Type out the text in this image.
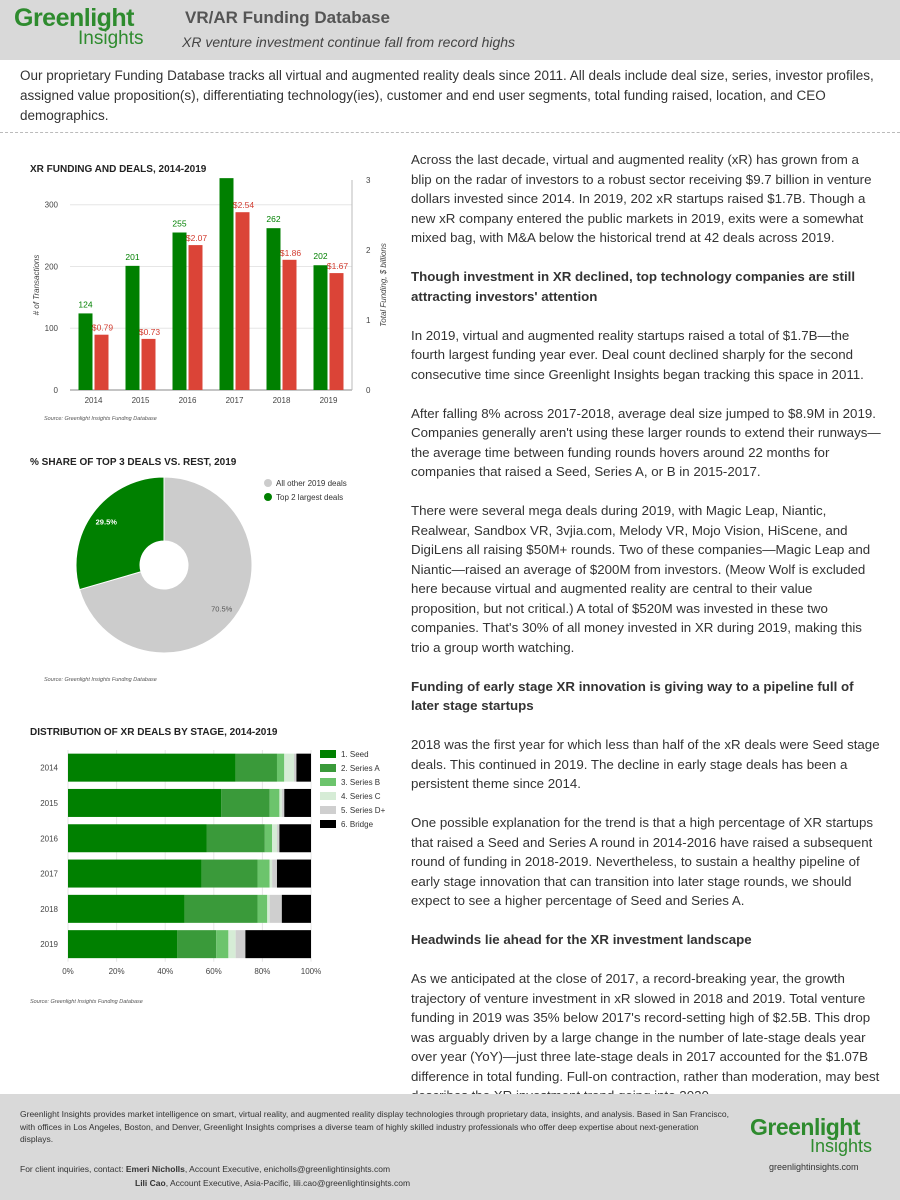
Greenlight
Insights
VR/AR Funding Database
XR venture investment continue fall from record highs
Our proprietary Funding Database tracks all virtual and augmented reality deals since 2011. All deals include deal size, series, investor profiles, assigned value proposition(s), differentiating technology(ies), customer and end user segments, total funding raised, location, and CEO demographics.
XR FUNDING AND DEALS, 2014-2019
0
100
200
300
0
1
2
3
124
$0.79
2014
201
$0.73
2015
255
$2.07
2016
$2.54
2017
262
$1.86
2018
202
$1.67
2019
# of Transactions	Total Funding, $ billions
Source: Greenlight Insights Funding Database
% SHARE OF TOP 3 DEALS VS. REST, 2019
70.5%
29.5%
All other 2019 deals
Top 2 largest deals
Source: Greenlight Insights Funding Database
DISTRIBUTION OF XR DEALS BY STAGE, 2014-2019
0%	20%	40%	60%	80%	100%
2014
2015
2016
2017
2018
2019
1. Seed
2. Series A
3. Series B
4. Series C
5. Series D+
6. Bridge
Source: Greenlight Insights Funding Database

Across the last decade, virtual and augmented reality (xR) has grown from a blip on the radar of investors to a robust sector receiving $9.7 billion in venture dollars invested since 2014. In 2019, 202 xR startups raised $1.7B. Though a new xR company entered the public markets in 2019, exits were a somewhat mixed bag, with M&A below the historical trend at 42 deals across 2019.

Though investment in XR declined, top technology companies are still attracting investors' attention

In 2019, virtual and augmented reality startups raised a total of $1.7B—the fourth largest funding year ever. Deal count declined sharply for the second consecutive time since Greenlight Insights began tracking this space in 2011.

After falling 8% across 2017-2018, average deal size jumped to $8.9M in 2019. Companies generally aren't using these larger rounds to extend their runways—the average time between funding rounds hovers around 22 months for companies that raised a Seed, Series A, or B in 2015-2017.

There were several mega deals during 2019, with Magic Leap, Niantic, Realwear, Sandbox VR, 3vjia.com, Melody VR, Mojo Vision, HiScene, and DigiLens all raising $50M+ rounds. Two of these companies—Magic Leap and Niantic—raised an average of $200M from investors. (Meow Wolf is excluded here because virtual and augmented reality are central to their value proposition, but not critical.) A total of $520M was invested in these two companies. That's 30% of all money invested in XR during 2019, making this trio a group worth watching.

Funding of early stage XR innovation is giving way to a pipeline full of later stage startups

2018 was the first year for which less than half of the xR deals were Seed stage deals. This continued in 2019. The decline in early stage deals has been a persistent theme since 2014.

One possible explanation for the trend is that a high percentage of XR startups that raised a Seed and Series A round in 2014-2016 have raised a subsequent round of funding in 2018-2019. Nevertheless, to sustain a healthy pipeline of early stage innovation that can transition into later stage rounds, we should expect to see a higher percentage of Seed and Series A.

Headwinds lie ahead for the XR investment landscape

As we anticipated at the close of 2017, a record-breaking year, the growth trajectory of venture investment in xR slowed in 2018 and 2019. Total venture funding in 2019 was 35% below 2017's record-setting high of $2.5B. This drop was arguably driven by a large change in the number of late-stage deals year over year (YoY)—just three late-stage deals in 2017 accounted for the $1.07B difference in total funding. Full-on contraction, rather than moderation, may best

Greenlight Insights provides market intelligence on smart, virtual reality, and augmented reality display technologies through proprietary data, insights, and analysis. Based in San Francisco, with offices in Los Angeles, Boston, and Denver, Greenlight Insights comprises a diverse team of highly skilled industry professionals who offer deep expertise about next-generation displays.
For client inquiries, contact: Emeri Nicholls, Account Executive, enicholls@greenlightinsights.com
Lili Cao, Account Executive, Asia-Pacific, lili.cao@greenlightinsights.com
Greenlight
Insights
greenlightinsights.com
